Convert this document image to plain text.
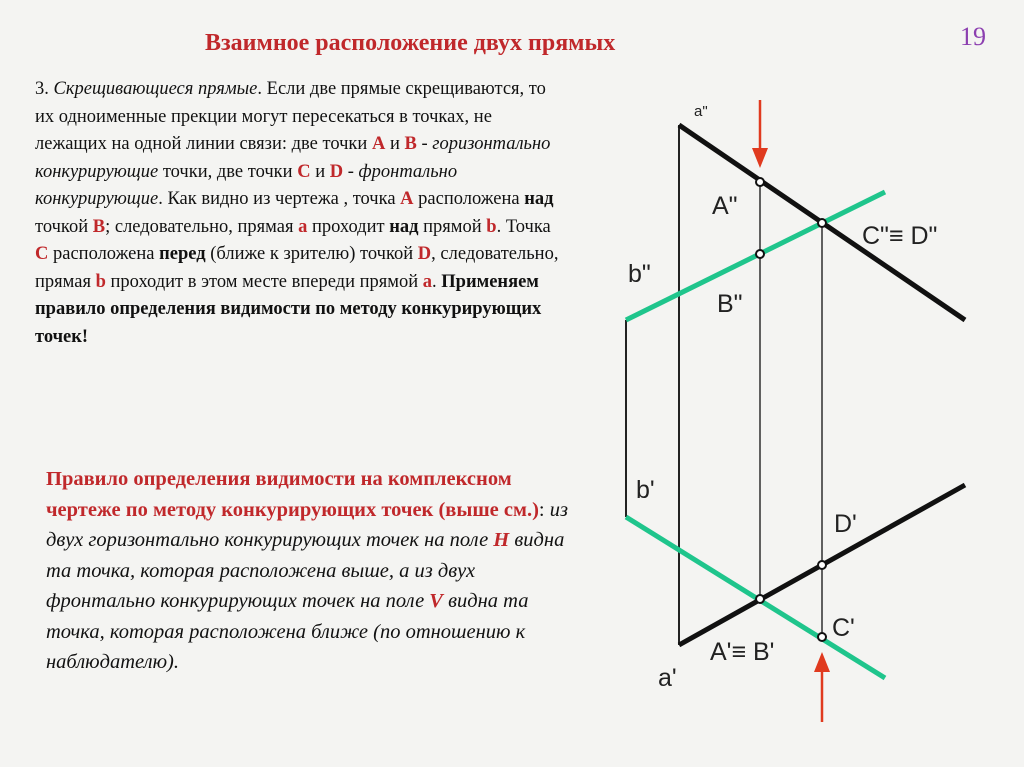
19
Взаимное расположение двух прямых
3. Скрещивающиеся прямые. Если две прямые скрещиваются, то их одноименные прекции могут пересекаться в точках, не лежащих на одной линии связи: две точки А и В - горизонтально конкурирующие точки, две точки С и D - фронтально конкурирующие. Как видно из чертежа , точка А расположена над точкой В; следовательно, прямая а проходит над прямой b. Точка С расположена перед (ближе к зрителю) точкой D, следовательно, прямая b проходит в этом месте впереди прямой а. Применяем правило определения видимости по методу конкурирующих точек!
Правило определения видимости на комплексном чертеже по методу конкурирующих точек (выше см.): из двух горизонтально конкурирующих точек на поле Н видна та точка, которая расположена выше, а из двух фронтально конкурирующих точек на поле V видна та точка, которая расположена ближе (по отношению к наблюдателю).
a"
A"
C"≡ D"
b"
B"
b'
D'
C'
A'≡ B'
a'
